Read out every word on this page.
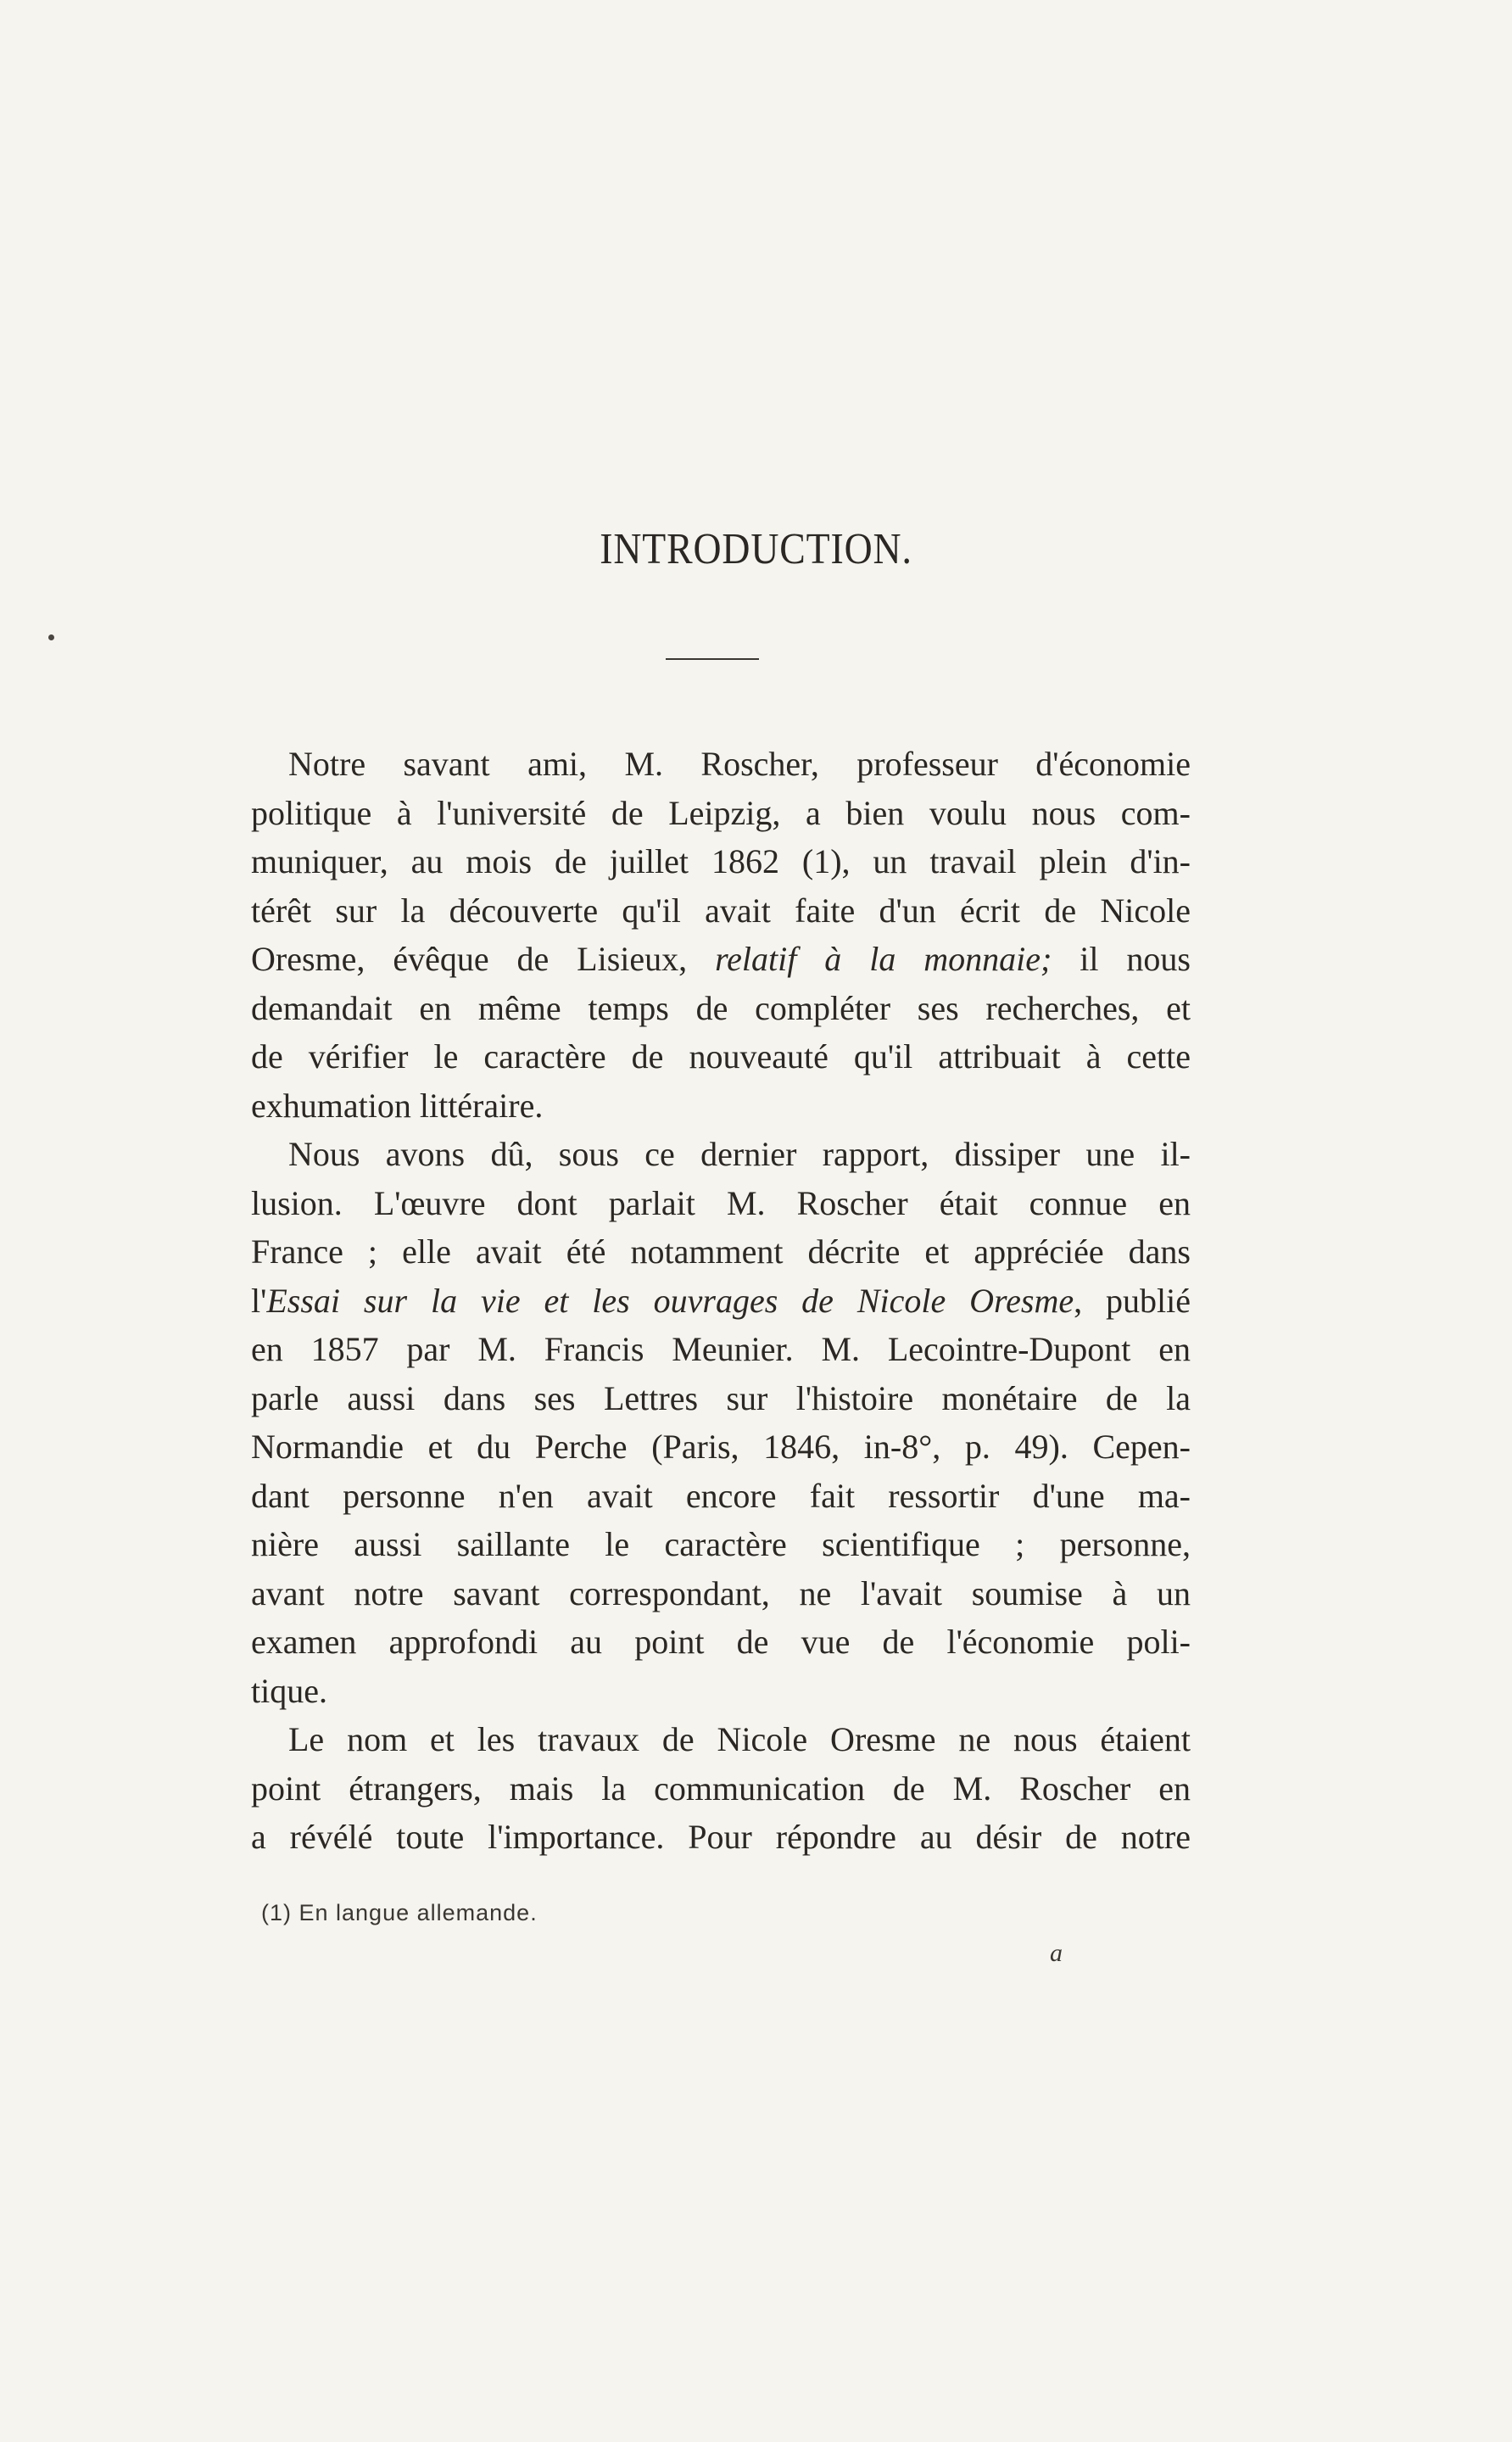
INTRODUCTION.
Notre savant ami, M. Roscher, professeur d'économie
politique à l'université de Leipzig, a bien voulu nous com-
muniquer, au mois de juillet 1862 (1), un travail plein d'in-
térêt sur la découverte qu'il avait faite d'un écrit de Nicole
Oresme, évêque de Lisieux, relatif à la monnaie; il nous
demandait en même temps de compléter ses recherches, et
de vérifier le caractère de nouveauté qu'il attribuait à cette
exhumation littéraire.
Nous avons dû, sous ce dernier rapport, dissiper une il-
lusion. L'œuvre dont parlait M. Roscher était connue en
France ; elle avait été notamment décrite et appréciée dans
l'Essai sur la vie et les ouvrages de Nicole Oresme, publié
en 1857 par M. Francis Meunier. M. Lecointre-Dupont en
parle aussi dans ses Lettres sur l'histoire monétaire de la
Normandie et du Perche (Paris, 1846, in-8°, p. 49). Cepen-
dant personne n'en avait encore fait ressortir d'une ma-
nière aussi saillante le caractère scientifique ; personne,
avant notre savant correspondant, ne l'avait soumise à un
examen approfondi au point de vue de l'économie poli-
tique.
Le nom et les travaux de Nicole Oresme ne nous étaient
point étrangers, mais la communication de M. Roscher en
a révélé toute l'importance. Pour répondre au désir de notre

(1) En langue allemande.

a
